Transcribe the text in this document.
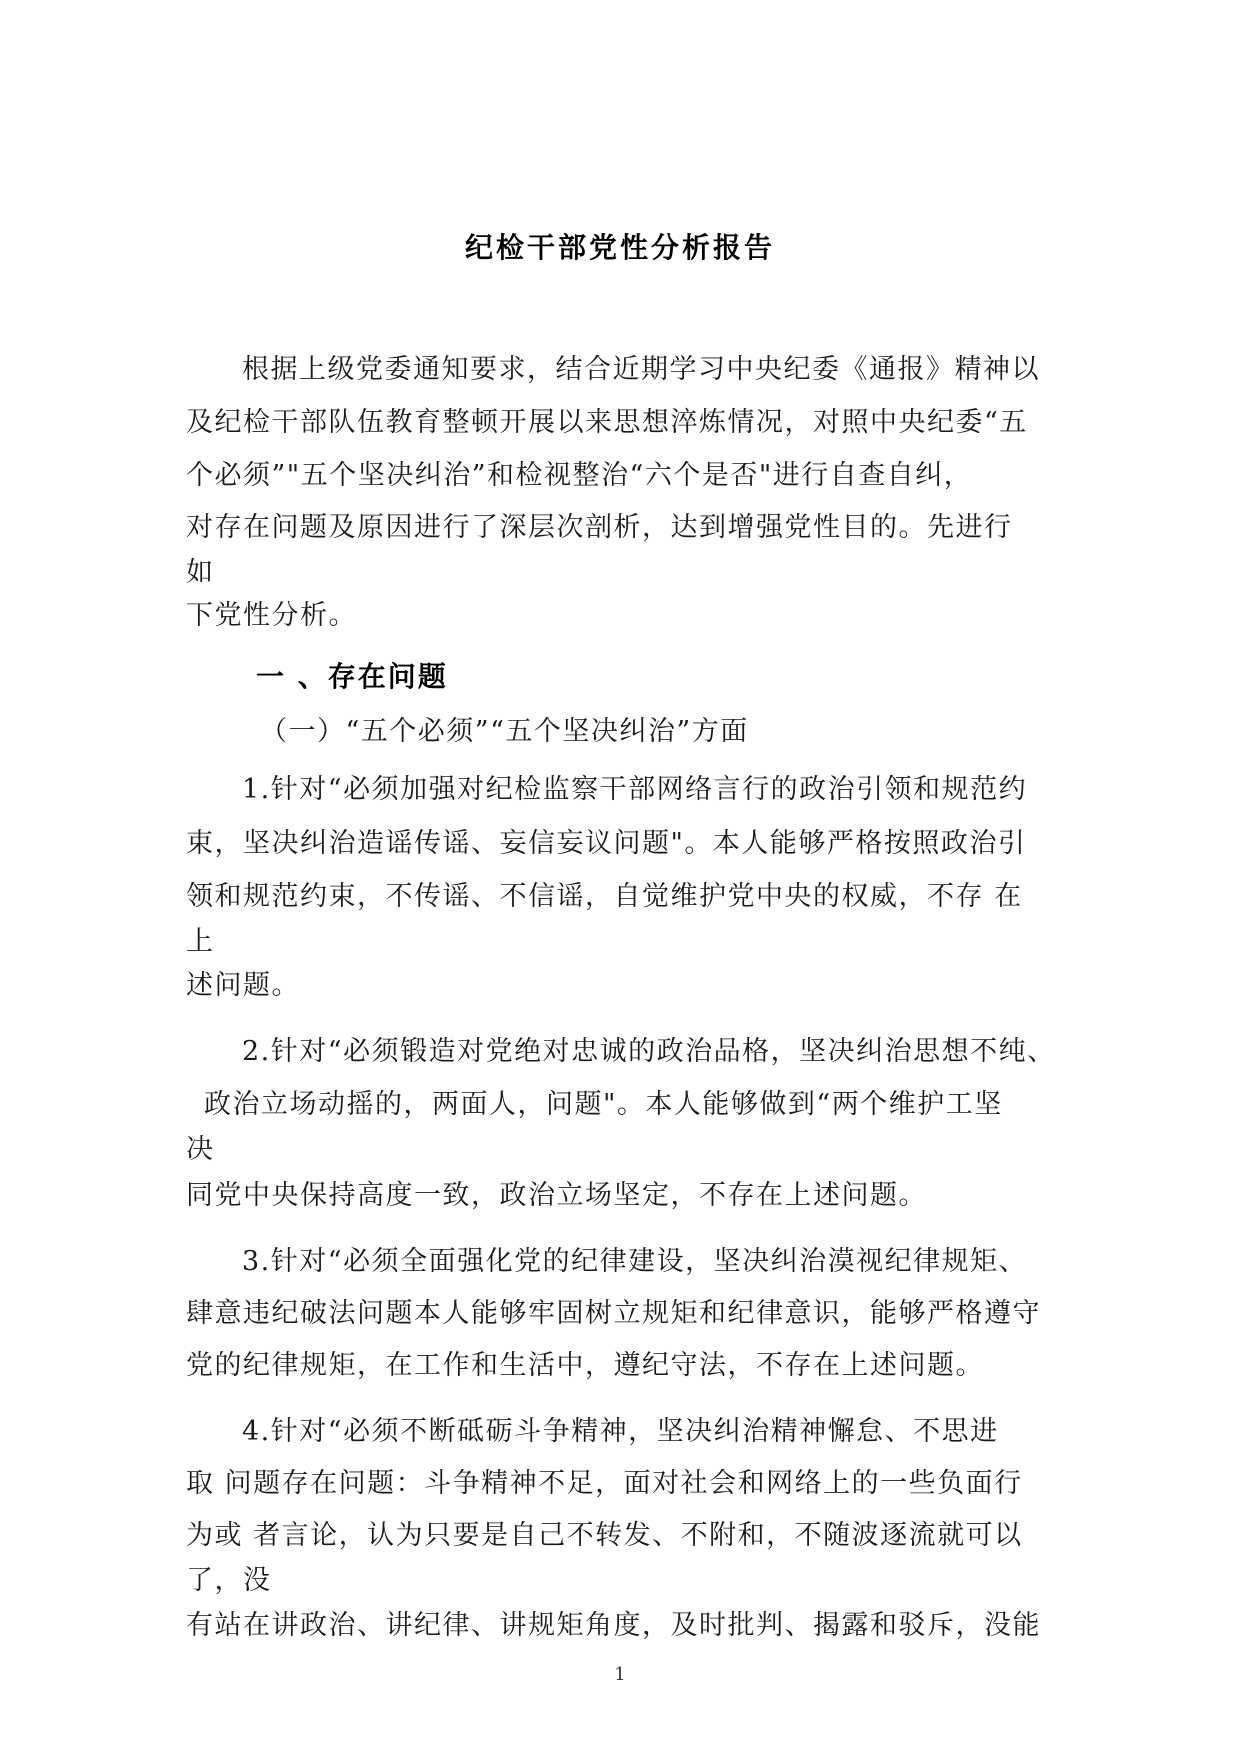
纪检干部党性分析报告
根据上级党委通知要求，结合近期学习中央纪委《通报》精神以
及纪检干部队伍教育整顿开展以来思想淬炼情况，对照中央纪委“五
个必须”"五个坚决纠治”和检视整治“六个是否"进行自查自纠，
对存在问题及原因进行了深层次剖析，达到增强党性目的。先进行
如
下党性分析。
一 、存在问题
（一）“五个必须”“五个坚决纠治”方面
1.针对“必须加强对纪检监察干部网络言行的政治引领和规范约
束，坚决纠治造谣传谣、妄信妄议问题"。本人能够严格按照政治引
领和规范约束，不传谣、不信谣，自觉维护党中央的权威，不存 在
上
述问题。
2.针对“必须锻造对党绝对忠诚的政治品格，坚决纠治思想不纯、
政治立场动摇的，两面人，问题"。本人能够做到“两个维护工坚
决
同党中央保持高度一致，政治立场坚定，不存在上述问题。
3.针对“必须全面强化党的纪律建设，坚决纠治漠视纪律规矩、
肆意违纪破法问题本人能够牢固树立规矩和纪律意识，能够严格遵守
党的纪律规矩，在工作和生活中，遵纪守法，不存在上述问题。
4.针对“必须不断砥砺斗争精神，坚决纠治精神懈怠、不思进
取 问题存在问题：斗争精神不足，面对社会和网络上的一些负面行
为或 者言论，认为只要是自己不转发、不附和，不随波逐流就可以
了，没
有站在讲政治、讲纪律、讲规矩角度，及时批判、揭露和驳斥，没能
1
